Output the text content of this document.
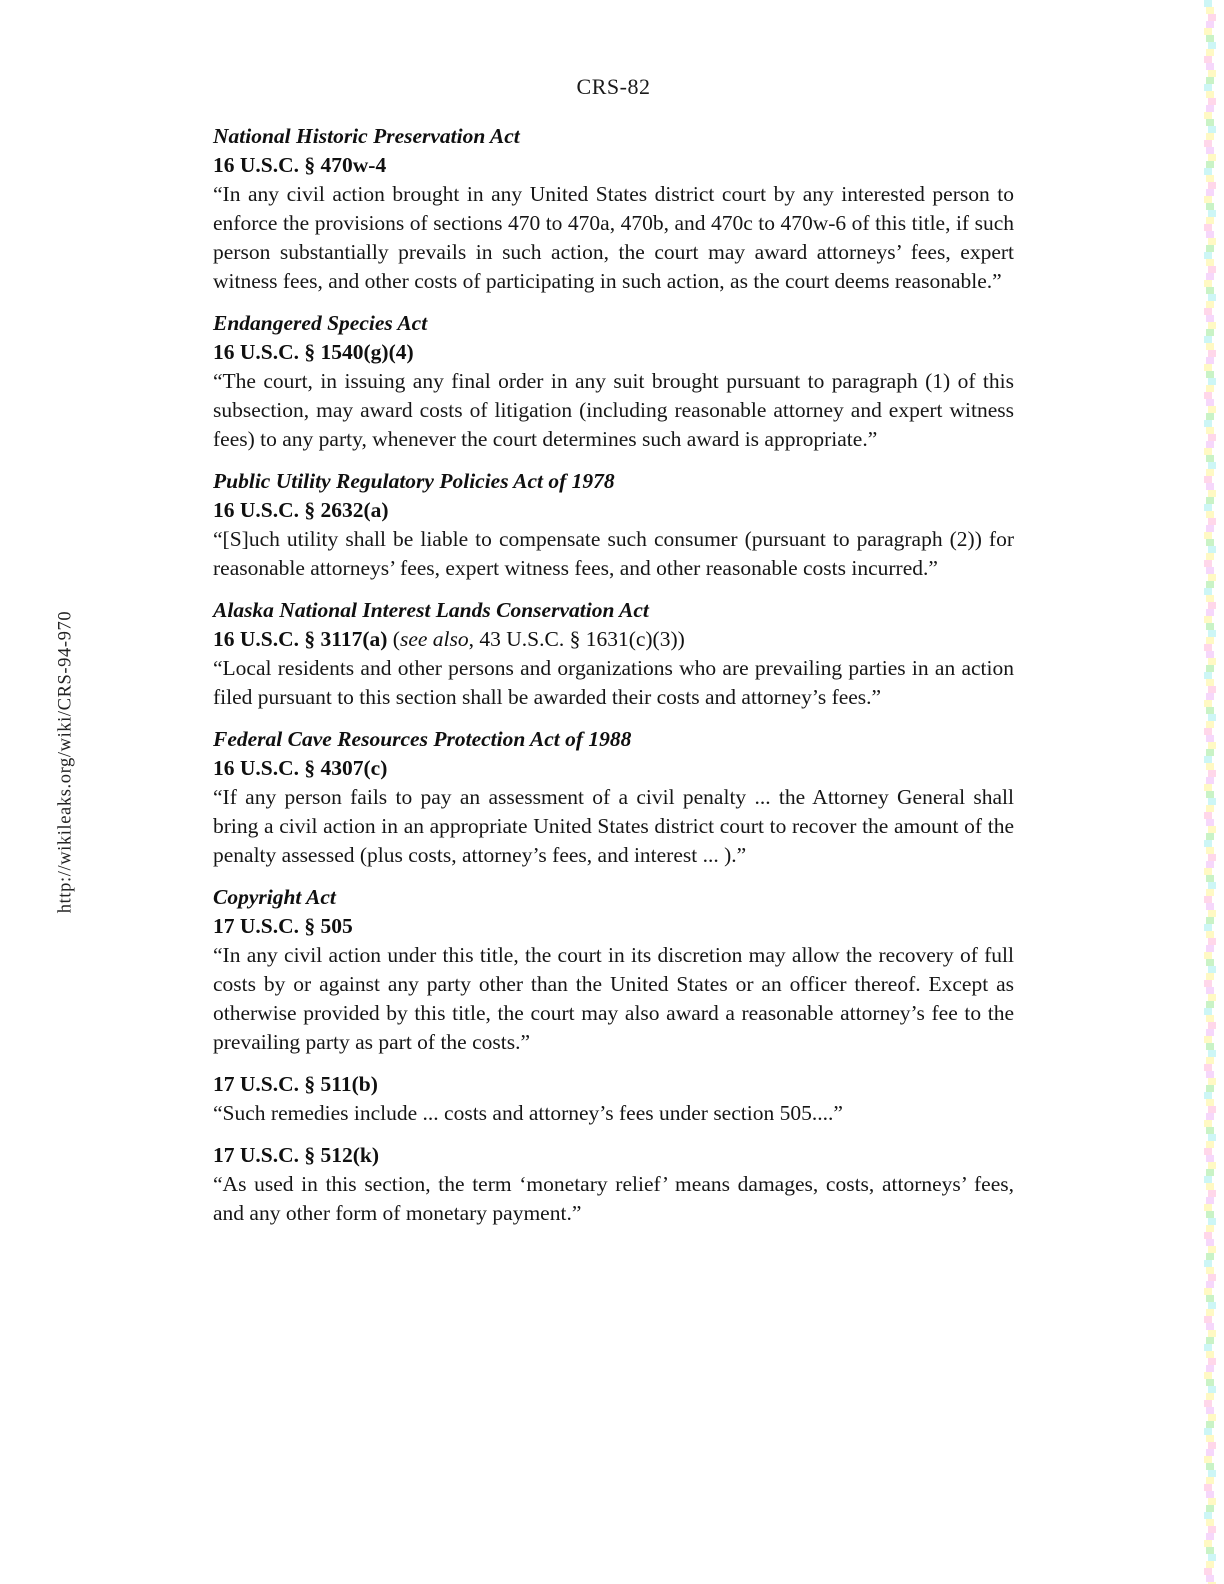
CRS-82
http://wikileaks.org/wiki/CRS-94-970
National Historic Preservation Act

16 U.S.C. § 470w-4

“In any civil action brought in any United States district court by any interested person to enforce the provisions of sections 470 to 470a, 470b, and 470c to 470w-6 of this title, if such person substantially prevails in such action, the court may award attorneys’ fees, expert witness fees, and other costs of participating in such action, as the court deems reasonable.”

Endangered Species Act

16 U.S.C. § 1540(g)(4)

“The court, in issuing any final order in any suit brought pursuant to paragraph (1) of this subsection, may award costs of litigation (including reasonable attorney and expert witness fees) to any party, whenever the court determines such award is appropriate.”

Public Utility Regulatory Policies Act of 1978

16 U.S.C. § 2632(a)

“[S]uch utility shall be liable to compensate such consumer (pursuant to paragraph (2)) for reasonable attorneys’ fees, expert witness fees, and other reasonable costs incurred.”

Alaska National Interest Lands Conservation Act

16 U.S.C. § 3117(a) (see also, 43 U.S.C. § 1631(c)(3))

“Local residents and other persons and organizations who are prevailing parties in an action filed pursuant to this section shall be awarded their costs and attorney’s fees.”

Federal Cave Resources Protection Act of 1988

16 U.S.C. § 4307(c)

“If any person fails to pay an assessment of a civil penalty ... the Attorney General shall bring a civil action in an appropriate United States district court to recover the amount of the penalty assessed (plus costs, attorney’s fees, and interest ... ).”

Copyright Act

17 U.S.C. § 505

“In any civil action under this title, the court in its discretion may allow the recovery of full costs by or against any party other than the United States or an officer thereof. Except as otherwise provided by this title, the court may also award a reasonable attorney’s fee to the prevailing party as part of the costs.”

17 U.S.C. § 511(b)

“Such remedies include ... costs and attorney’s fees under section 505....”

17 U.S.C. § 512(k)

“As used in this section, the term ‘monetary relief’ means damages, costs, attorneys’ fees, and any other form of monetary payment.”
